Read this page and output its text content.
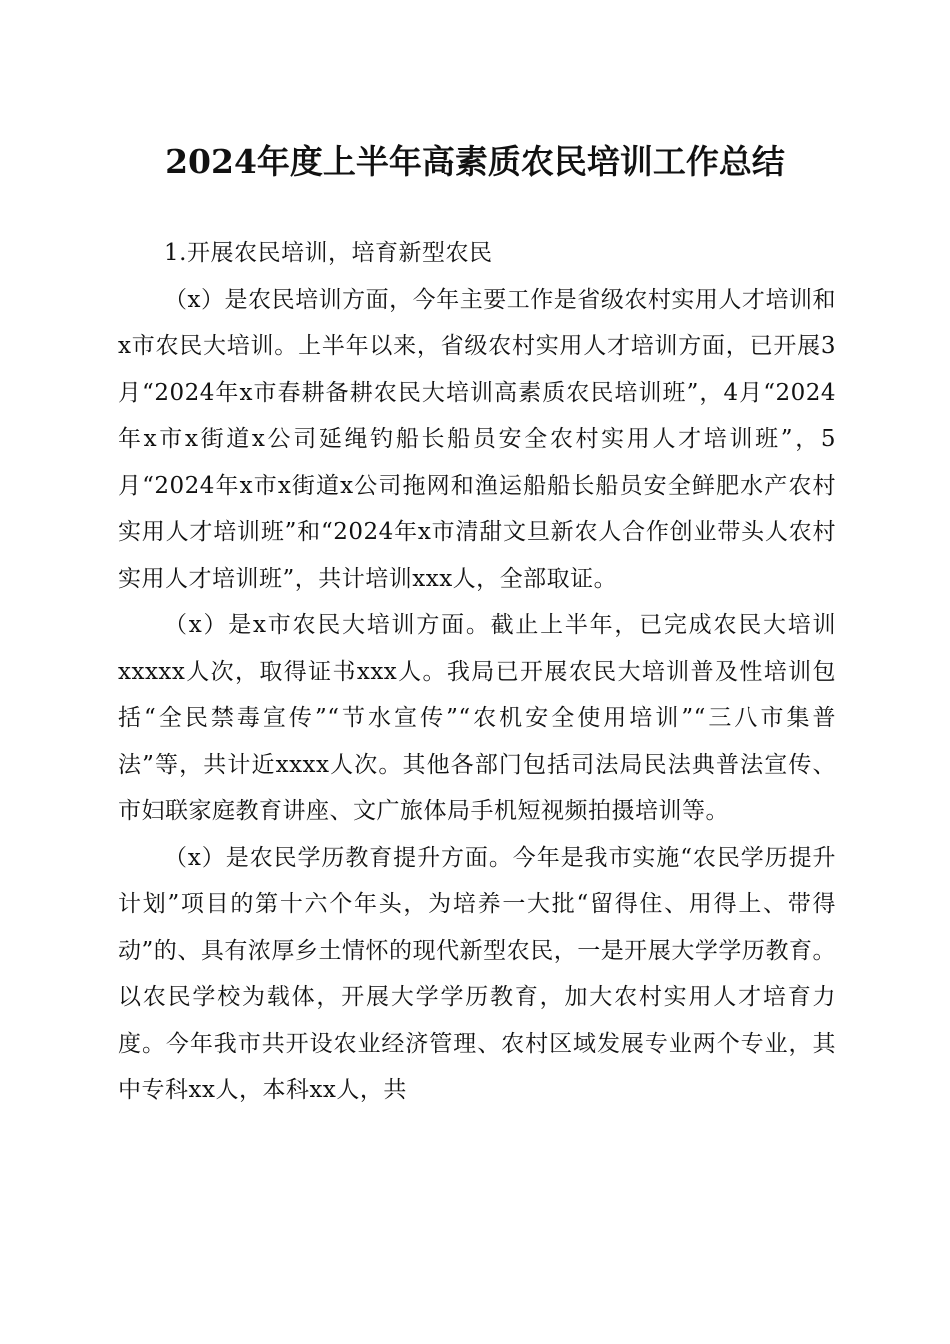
2024年度上半年高素质农民培训工作总结

1.开展农民培训，培育新型农民

（x）是农民培训方面，今年主要工作是省级农村实用人才培训和x市农民大培训。上半年以来，省级农村实用人才培训方面，已开展3月“2024年x市春耕备耕农民大培训高素质农民培训班”，4月“2024年x市x街道x公司延绳钓船长船员安全农村实用人才培训班”，5月“2024年x市x街道x公司拖网和渔运船船长船员安全鲜肥水产农村实用人才培训班”和“2024年x市清甜文旦新农人合作创业带头人农村实用人才培训班”，共计培训xxx人，全部取证。

（x）是x市农民大培训方面。截止上半年，已完成农民大培训xxxxx人次，取得证书xxx人。我局已开展农民大培训普及性培训包括“全民禁毒宣传”“节水宣传”“农机安全使用培训”“三八市集普法”等，共计近xxxx人次。其他各部门包括司法局民法典普法宣传、市妇联家庭教育讲座、文广旅体局手机短视频拍摄培训等。

（x）是农民学历教育提升方面。今年是我市实施“农民学历提升计划”项目的第十六个年头，为培养一大批“留得住、用得上、带得动”的、具有浓厚乡土情怀的现代新型农民，一是开展大学学历教育。以农民学校为载体，开展大学学历教育，加大农村实用人才培育力度。今年我市共开设农业经济管理、农村区域发展专业两个专业，其中专科xx人，本科xx人，共
